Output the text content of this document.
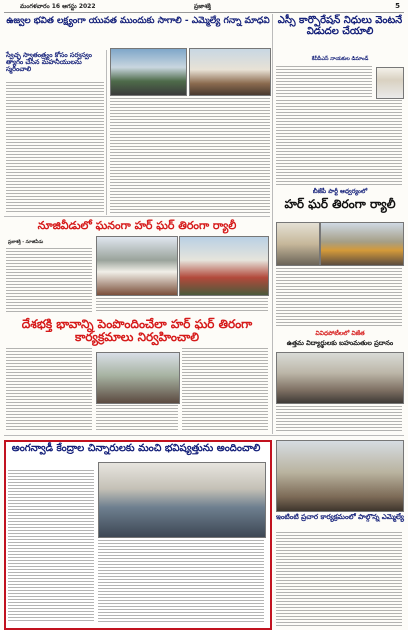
మంగళవారం 16 ఆగస్టు 2022	ప్రజాశక్తి	5
ఉజ్వల భవిత లక్ష్యంగా యువత ముందుకు సాగాలి - ఎమ్మెల్యే గన్నా మాధవి
స్వేచ్ఛ స్వాతంత్ర్యం కోసం సర్వస్వం త్యాగం చేసిన మహనీయులను స్మరించాలి
ఎస్సీ కార్పొరేషన్ నిధులు వెంటనే విడుదల చేయాలి
కేవీపీఎస్ నాయకుల డిమాండ్
నూజివీడులో ఘనంగా హర్ ఘర్ తిరంగా ర్యాలీ
ప్రజాశక్తి - నూజివీడు
దేశభక్తి భావాన్ని పెంపొందించేలా హర్ ఘర్ తిరంగా కార్యక్రమాలు నిర్వహించాలి
బీజేపీ పార్టీ ఆధ్వర్యంలో
హర్ ఘర్ తిరంగా ర్యాలీ
వివిధపోటీలలో విజేత
ఉత్తమ విద్యార్థులకు బహుమతుల ప్రదానం
అంగన్వాడీ కేంద్రాల చిన్నారులకు మంచి భవిష్యత్తును అందించాలి
ఇంటింటి ప్రచార కార్యక్రమంలో పాల్గొన్న ఎమ్మెల్యే
